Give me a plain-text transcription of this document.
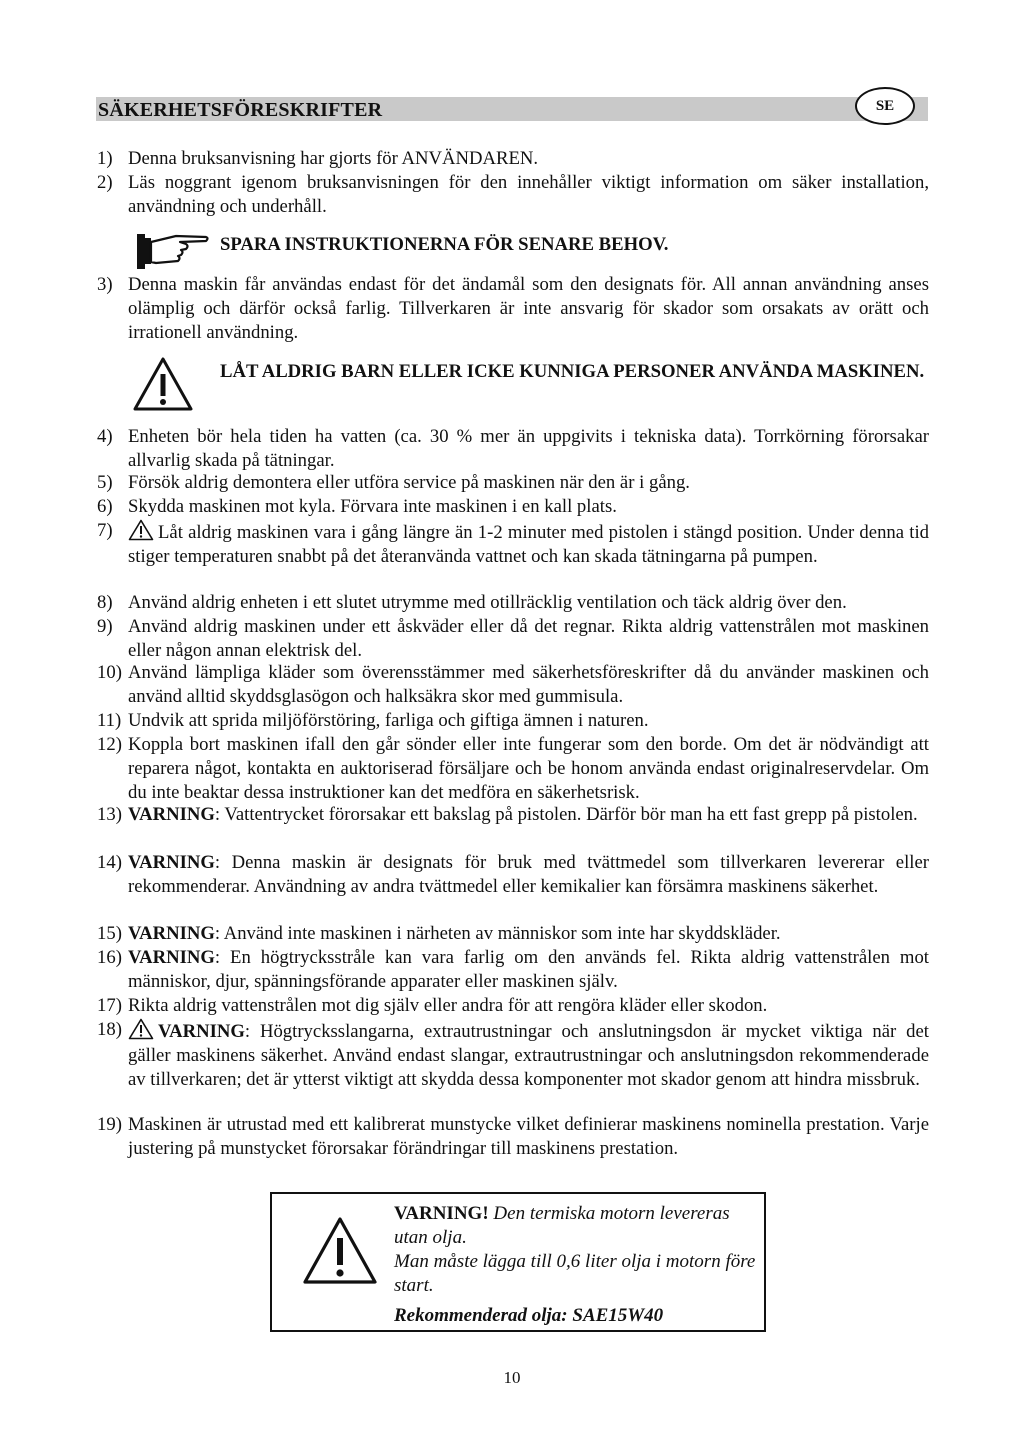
SÄKERHETSFÖRESKRIFTER	SE
1) Denna bruksanvisning har gjorts för ANVÄNDAREN.
2) Läs noggrant igenom bruksanvisningen för den innehåller viktigt information om säker installation, användning och underhåll.
SPARA INSTRUKTIONERNA FÖR SENARE BEHOV.
3) Denna maskin får användas endast för det ändamål som den designats för. All annan användning anses olämplig och därför också farlig. Tillverkaren är inte ansvarig för skador som orsakats av orätt och irrationell användning.
LÅT ALDRIG BARN ELLER ICKE KUNNIGA PERSONER ANVÄNDA MASKINEN.
4) Enheten bör hela tiden ha vatten (ca. 30 % mer än uppgivits i tekniska data). Torrkörning förorsakar allvarlig skada på tätningar.
5) Försök aldrig demontera eller utföra service på maskinen när den är i gång.
6) Skydda maskinen mot kyla. Förvara inte maskinen i en kall plats.
7)	Låt aldrig maskinen vara i gång längre än 1-2 minuter med pistolen i stängd position. Under denna tid stiger temperaturen snabbt på det återanvända vattnet och kan skada tätningarna på pumpen.
8) Använd aldrig enheten i ett slutet utrymme med otillräcklig ventilation och täck aldrig över den.
9) Använd aldrig maskinen under ett åskväder eller då det regnar. Rikta aldrig vattenstrålen mot maskinen eller någon annan elektrisk del.
10) Använd lämpliga kläder som överensstämmer med säkerhetsföreskrifter då du använder maskinen och använd alltid skyddsglasögon och halksäkra skor med gummisula.
11) Undvik att sprida miljöförstöring, farliga och giftiga ämnen i naturen.
12) Koppla bort maskinen ifall den går sönder eller inte fungerar som den borde. Om det är nödvändigt att reparera något, kontakta en auktoriserad försäljare och be honom använda endast originalreservdelar. Om du inte beaktar dessa instruktioner kan det medföra en säkerhetsrisk.
13) VARNING: Vattentrycket förorsakar ett bakslag på pistolen. Därför bör man ha ett fast grepp på pistolen.
14) VARNING: Denna maskin är designats för bruk med tvättmedel som tillverkaren levererar eller rekommenderar. Användning av andra tvättmedel eller kemikalier kan försämra maskinens säkerhet.
15) VARNING: Använd inte maskinen i närheten av människor som inte har skyddskläder.
16) VARNING: En högtrycksstråle kan vara farlig om den används fel. Rikta aldrig vattenstrålen mot människor, djur, spänningsförande apparater eller maskinen själv.
17) Rikta aldrig vattenstrålen mot dig själv eller andra för att rengöra kläder eller skodon.
18)	VARNING: Högtrycksslangarna, extrautrustningar och anslutningsdon är mycket viktiga när det gäller maskinens säkerhet. Använd endast slangar, extrautrustningar och anslutningsdon rekommenderade av tillverkaren; det är ytterst viktigt att skydda dessa komponenter mot skador genom att hindra missbruk.
19) Maskinen är utrustad med ett kalibrerat munstycke vilket definierar maskinens nominella prestation. Varje justering på munstycket förorsakar förändringar till maskinens prestation.
VARNING! Den termiska motorn levereras utan olja.
Man måste lägga till 0,6 liter olja i motorn före start.
Rekommenderad olja: SAE15W40
10
